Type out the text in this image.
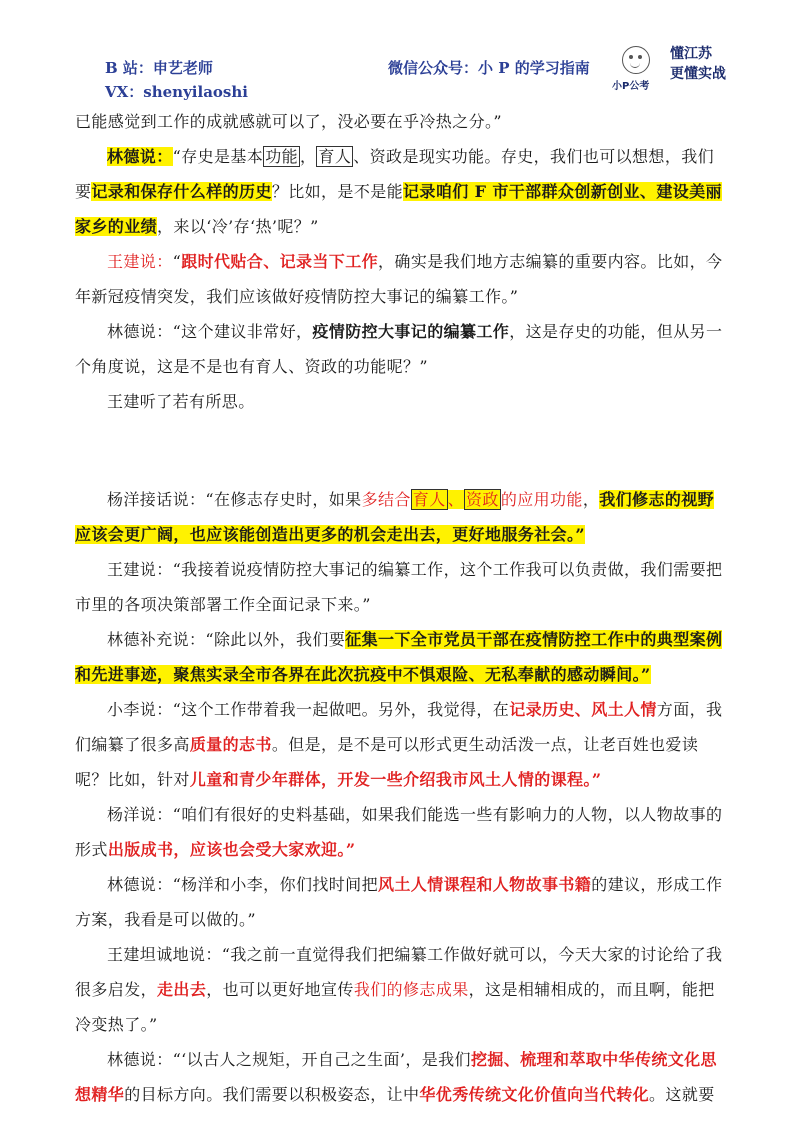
B 站：申艺老师
VX：shenyilaoshi
微信公众号：小 P 的学习指南
小P公考
懂江苏
更懂实战

已能感觉到工作的成就感就可以了，没必要在乎冷热之分。”

林德说：“存史是基本 功能 ， 育人 、资政是现实功能。存史，我们也可以想想，我们要记录和保存什么样的历史？比如，是不是能记录咱们 F 市干部群众创新创业、建设美丽家乡的业绩，来以‘冷’存‘热’呢？”

王建说：“跟时代贴合、记录当下工作，确实是我们地方志编纂的重要内容。比如，今年新冠疫情突发，我们应该做好疫情防控大事记的编纂工作。”

林德说：“这个建议非常好，疫情防控大事记的编纂工作，这是存史的功能，但从另一个角度说，这是不是也有育人、资政的功能呢？”

王建听了若有所思。

杨洋接话说：“在修志存史时，如果多结合 育人 、 资政 的应用功能，我们修志的视野应该会更广阔，也应该能创造出更多的机会走出去，更好地服务社会。”

王建说：“我接着说疫情防控大事记的编纂工作，这个工作我可以负责做，我们需要把市里的各项决策部署工作全面记录下来。”

林德补充说：“除此以外，我们要征集一下全市党员干部在疫情防控工作中的典型案例和先进事迹，聚焦实录全市各界在此次抗疫中不惧艰险、无私奉献的感动瞬间。”

小李说：“这个工作带着我一起做吧。另外，我觉得，在记录历史、风土人情方面，我们编纂了很多高质量的志书。但是，是不是可以形式更生动活泼一点，让老百姓也爱读呢？比如，针对儿童和青少年群体，开发一些介绍我市风土人情的课程。”

杨洋说：“咱们有很好的史料基础，如果我们能选一些有影响力的人物，以人物故事的形式出版成书，应该也会受大家欢迎。”

林德说：“杨洋和小李，你们找时间把风土人情课程和人物故事书籍的建议，形成工作方案，我看是可以做的。”

王建坦诚地说：“我之前一直觉得我们把编纂工作做好就可以，今天大家的讨论给了我很多启发，走出去，也可以更好地宣传我们的修志成果，这是相辅相成的，而且啊，能把冷变热了。”

林德说：“‘以古人之规矩，开自己之生面’，是我们挖掘、梳理和萃取中华传统文化思想精华的目标方向。我们需要以积极姿态，让中华优秀传统文化价值向当代转化。这就要
